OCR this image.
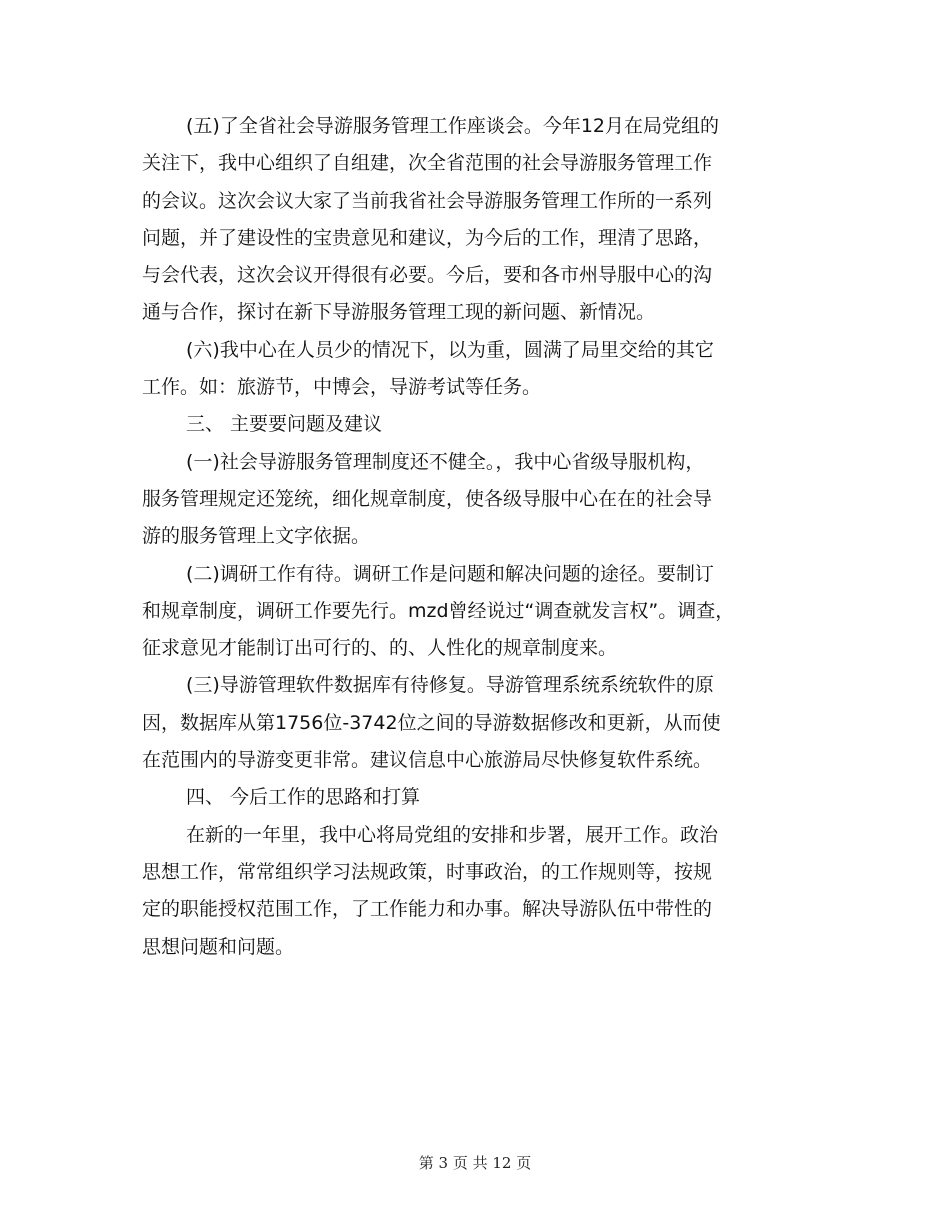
(五)了全省社会导游服务管理工作座谈会。今年12月在局党组的
关注下，我中心组织了自组建，次全省范围的社会导游服务管理工作
的会议。这次会议大家了当前我省社会导游服务管理工作所的一系列
问题，并了建设性的宝贵意见和建议，为今后的工作，理清了思路，
与会代表，这次会议开得很有必要。今后，要和各市州导服中心的沟
通与合作，探讨在新下导游服务管理工现的新问题、新情况。
(六)我中心在人员少的情况下，以为重，圆满了局里交给的其它
工作。如：旅游节，中博会，导游考试等任务。
三、 主要要问题及建议
(一)社会导游服务管理制度还不健全。，我中心省级导服机构，
服务管理规定还笼统，细化规章制度，使各级导服中心在在的社会导
游的服务管理上文字依据。
(二)调研工作有待。调研工作是问题和解决问题的途径。要制订
和规章制度，调研工作要先行。mzd曾经说过“调查就发言权”。调查，
征求意见才能制订出可行的、的、人性化的规章制度来。
(三)导游管理软件数据库有待修复。导游管理系统系统软件的原
因，数据库从第1756位-3742位之间的导游数据修改和更新，从而使
在范围内的导游变更非常。建议信息中心旅游局尽快修复软件系统。
四、 今后工作的思路和打算
在新的一年里，我中心将局党组的安排和步署，展开工作。政治
思想工作，常常组织学习法规政策，时事政治，的工作规则等，按规
定的职能授权范围工作，了工作能力和办事。解决导游队伍中带性的
思想问题和问题。
第 3 页 共 12 页
